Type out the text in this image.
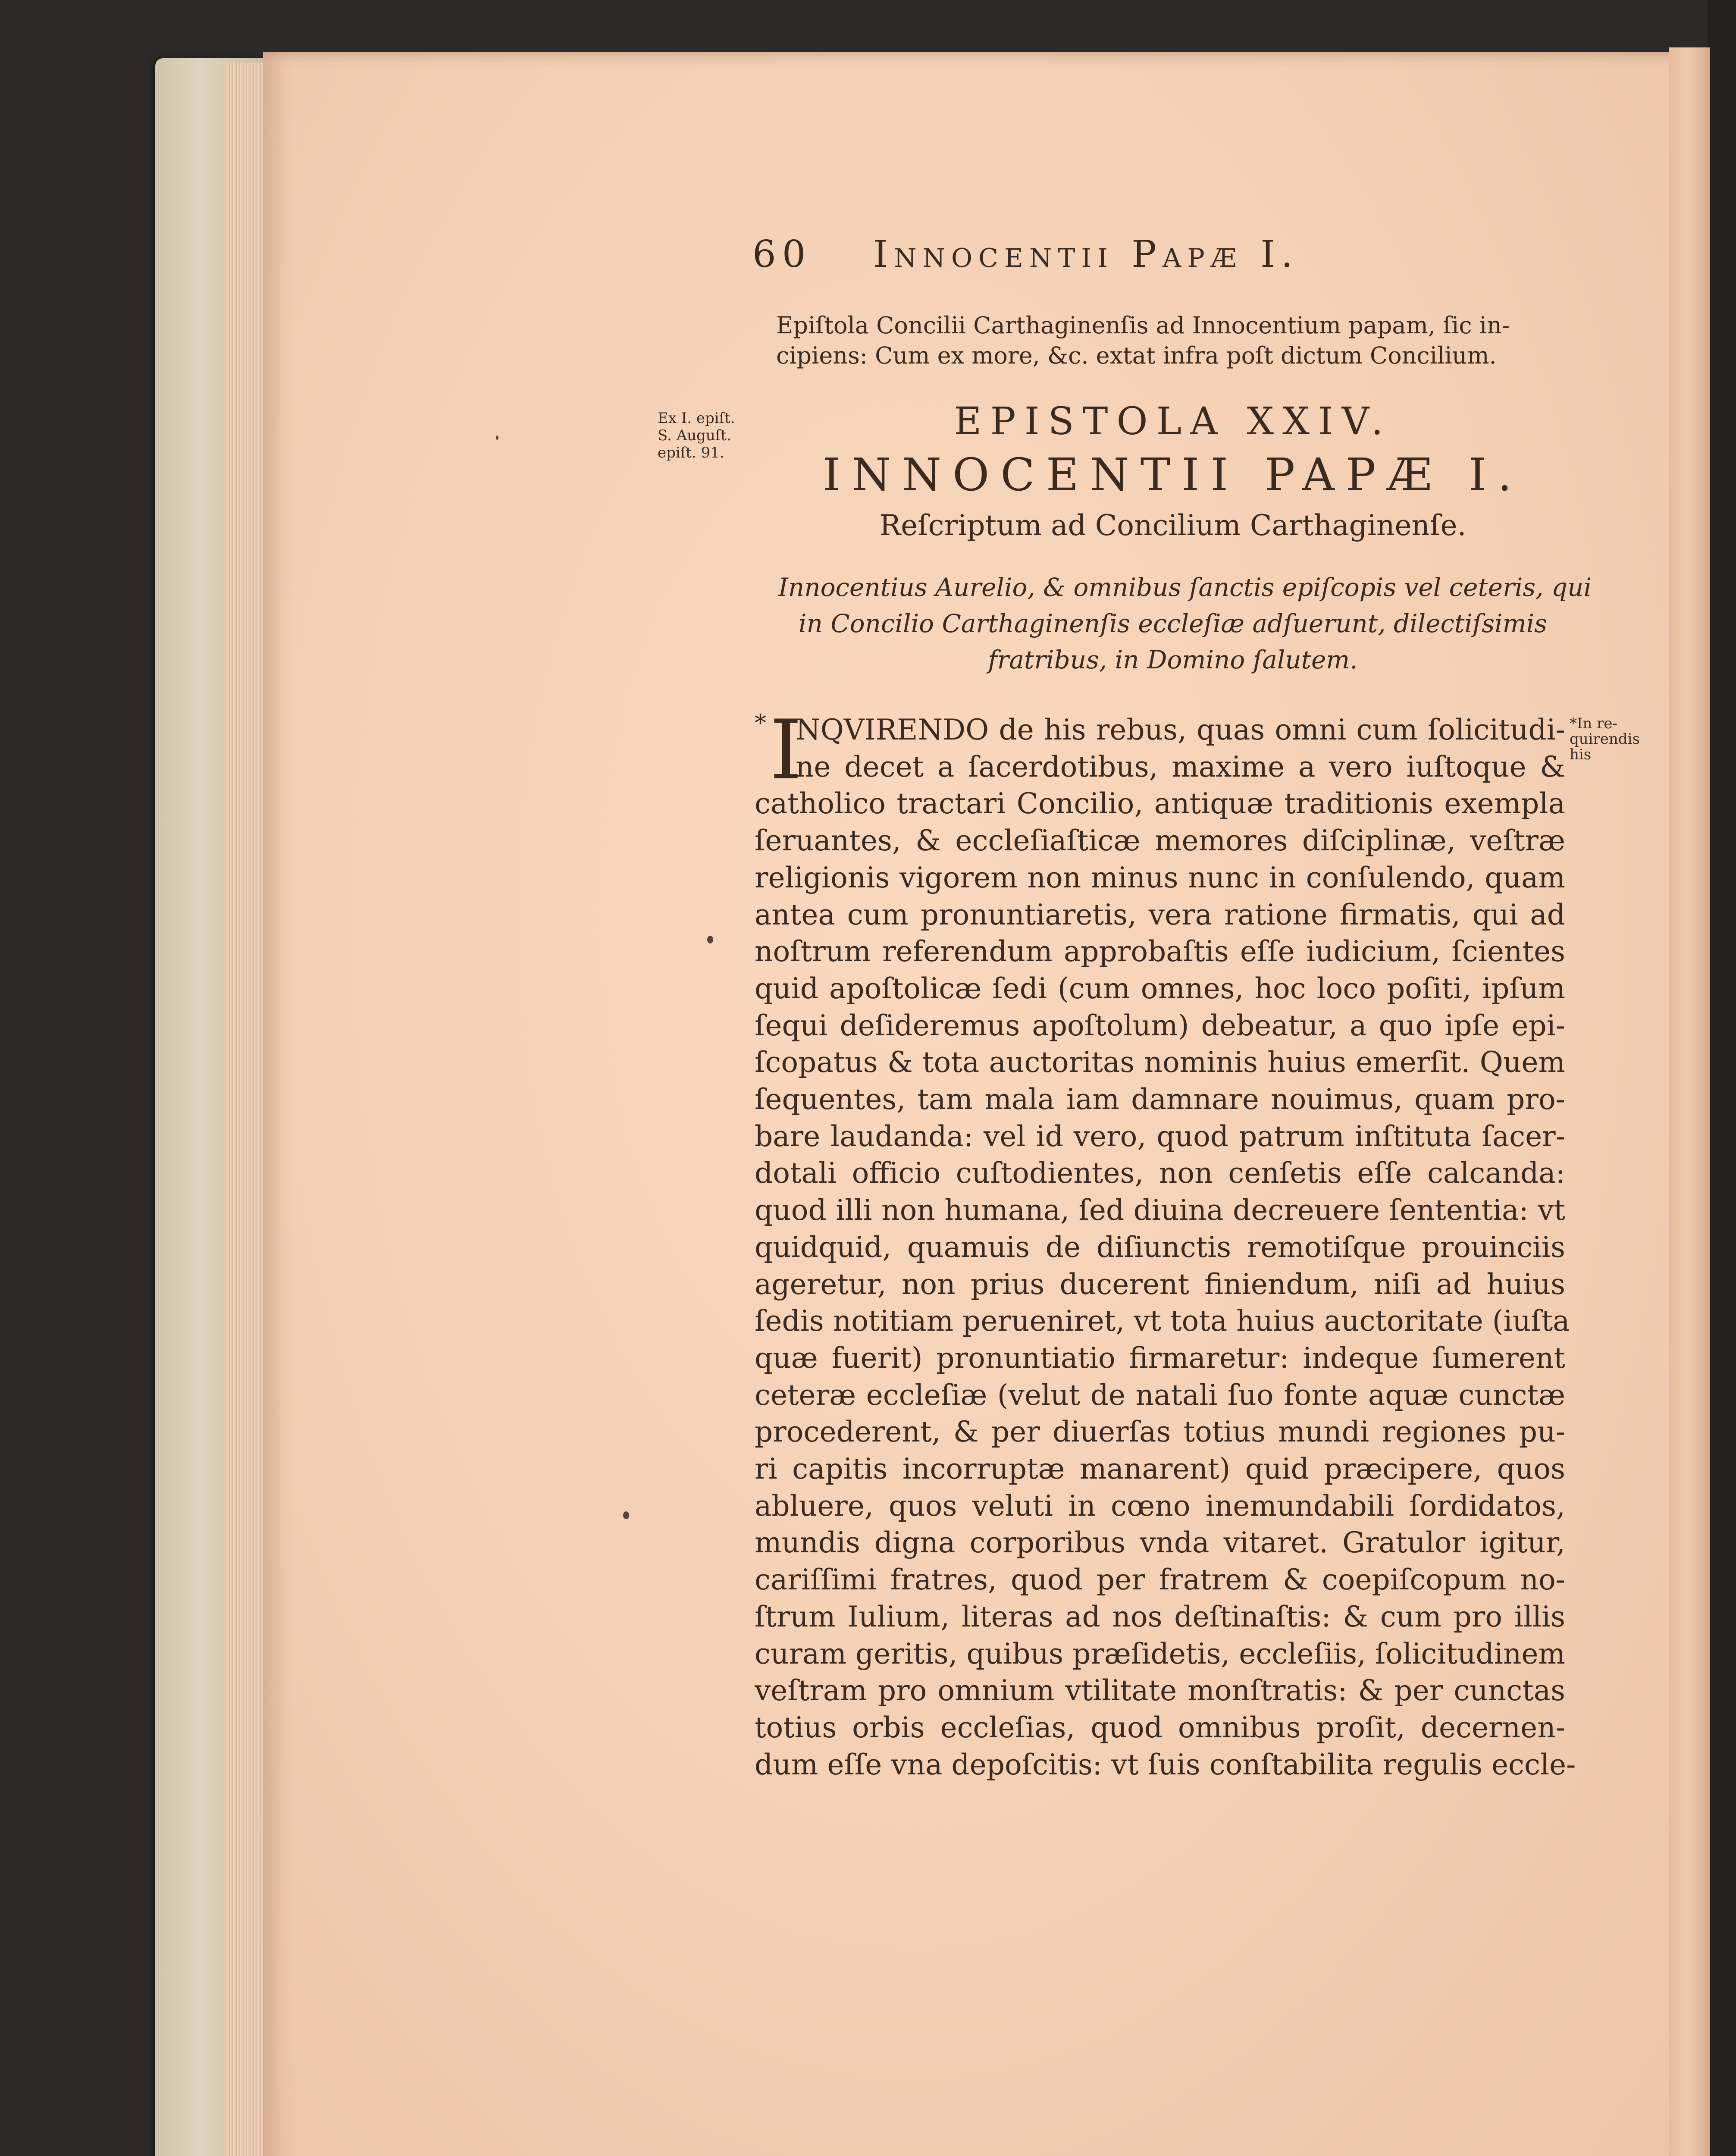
60 Innocentii Papæ I.
Epiſtola Concilii Carthaginenſis ad Innocentium papam, ſic in-
cipiens: Cum ex more, &c. extat infra poſt dictum Concilium.
Ex I. epiſt.
S. Auguſt.
epiſt. 91.
EPISTOLA XXIV.
INNOCENTII PAPÆ I.
Reſcriptum ad Concilium Carthaginenſe.
Innocentius Aurelio, & omnibus ſanctis epiſcopis vel ceteris, qui
in Concilio Carthaginenſis eccleſiæ adſuerunt, dilectiſsimis
fratribus, in Domino ſalutem.
* I
NQVIRENDO de his rebus, quas omni cum ſolicitudi-
ne decet a ſacerdotibus, maxime a vero iuſtoque &
catholico tractari Concilio, antiquæ traditionis exempla
ſeruantes, & eccleſiaſticæ memores diſciplinæ, veſtræ
religionis vigorem non minus nunc in conſulendo, quam
antea cum pronuntiaretis, vera ratione firmatis, qui ad
noſtrum referendum approbaſtis eſſe iudicium, ſcientes
quid apoſtolicæ ſedi (cum omnes, hoc loco poſiti, ipſum
ſequi deſideremus apoſtolum) debeatur, a quo ipſe epi-
ſcopatus & tota auctoritas nominis huius emerſit. Quem
ſequentes, tam mala iam damnare nouimus, quam pro-
bare laudanda: vel id vero, quod patrum inſtituta ſacer-
dotali officio cuſtodientes, non cenſetis eſſe calcanda:
quod illi non humana, ſed diuina decreuere ſententia: vt
quidquid, quamuis de diſiunctis remotiſque prouinciis
ageretur, non prius ducerent finiendum, niſi ad huius
ſedis notitiam perueniret, vt tota huius auctoritate (iuſta
quæ fuerit) pronuntiatio firmaretur: indeque ſumerent
ceteræ eccleſiæ (velut de natali ſuo fonte aquæ cunctæ
procederent, & per diuerſas totius mundi regiones pu-
ri capitis incorruptæ manarent) quid præcipere, quos
abluere, quos veluti in cœno inemundabili ſordidatos,
mundis digna corporibus vnda vitaret. Gratulor igitur,
cariſſimi fratres, quod per fratrem & coepiſcopum no-
ſtrum Iulium, literas ad nos deſtinaſtis: & cum pro illis
curam geritis, quibus præſidetis, eccleſiis, ſolicitudinem
veſtram pro omnium vtilitate monſtratis: & per cunctas
totius orbis eccleſias, quod omnibus proſit, decernen-
dum eſſe vna depoſcitis: vt ſuis conſtabilita regulis eccle-
*In re-
quirendis
his
